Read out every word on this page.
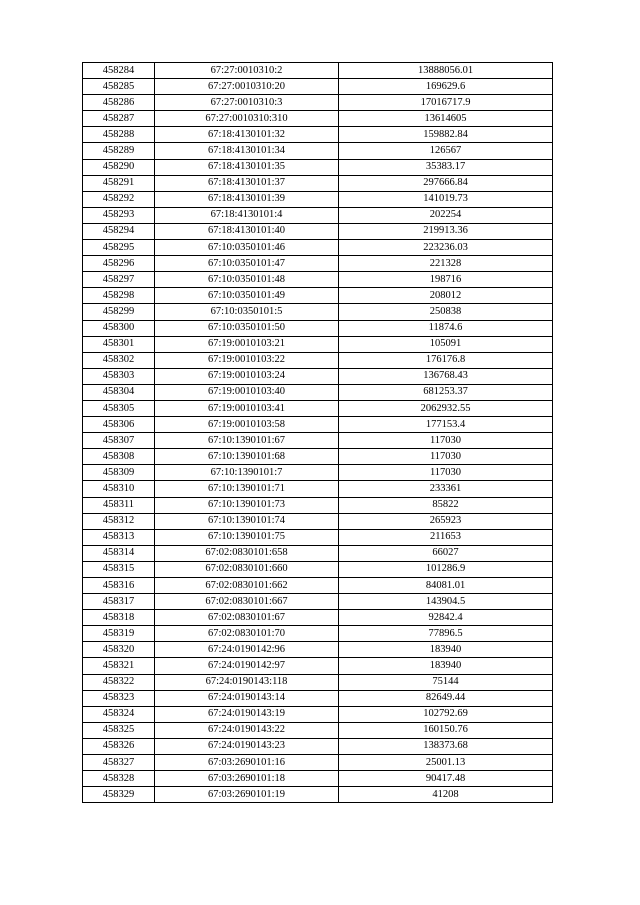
458284	67:27:0010310:2	13888056.01
458285	67:27:0010310:20	169629.6
458286	67:27:0010310:3	17016717.9
458287	67:27:0010310:310	13614605
458288	67:18:4130101:32	159882.84
458289	67:18:4130101:34	126567
458290	67:18:4130101:35	35383.17
458291	67:18:4130101:37	297666.84
458292	67:18:4130101:39	141019.73
458293	67:18:4130101:4	202254
458294	67:18:4130101:40	219913.36
458295	67:10:0350101:46	223236.03
458296	67:10:0350101:47	221328
458297	67:10:0350101:48	198716
458298	67:10:0350101:49	208012
458299	67:10:0350101:5	250838
458300	67:10:0350101:50	11874.6
458301	67:19:0010103:21	105091
458302	67:19:0010103:22	176176.8
458303	67:19:0010103:24	136768.43
458304	67:19:0010103:40	681253.37
458305	67:19:0010103:41	2062932.55
458306	67:19:0010103:58	177153.4
458307	67:10:1390101:67	117030
458308	67:10:1390101:68	117030
458309	67:10:1390101:7	117030
458310	67:10:1390101:71	233361
458311	67:10:1390101:73	85822
458312	67:10:1390101:74	265923
458313	67:10:1390101:75	211653
458314	67:02:0830101:658	66027
458315	67:02:0830101:660	101286.9
458316	67:02:0830101:662	84081.01
458317	67:02:0830101:667	143904.5
458318	67:02:0830101:67	92842.4
458319	67:02:0830101:70	77896.5
458320	67:24:0190142:96	183940
458321	67:24:0190142:97	183940
458322	67:24:0190143:118	75144
458323	67:24:0190143:14	82649.44
458324	67:24:0190143:19	102792.69
458325	67:24:0190143:22	160150.76
458326	67:24:0190143:23	138373.68
458327	67:03:2690101:16	25001.13
458328	67:03:2690101:18	90417.48
458329	67:03:2690101:19	41208
